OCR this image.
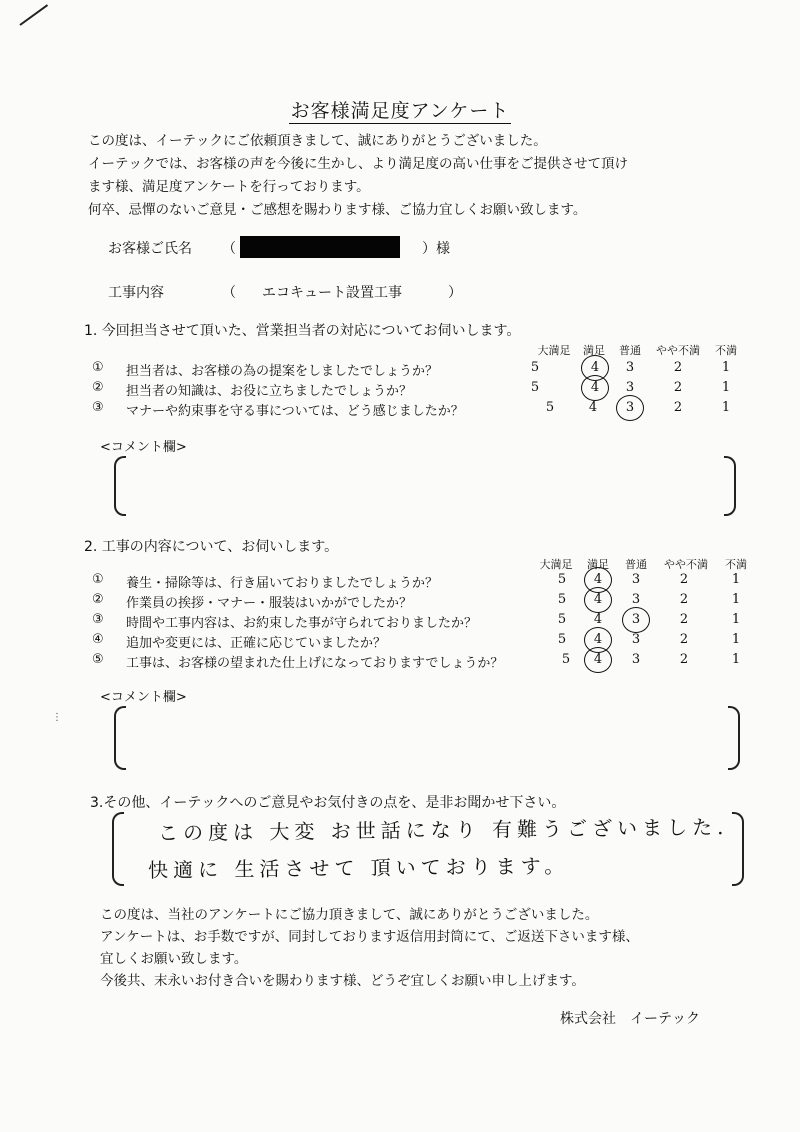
お客様満足度アンケート
この度は、イーテックにご依頼頂きまして、誠にありがとうございました。
イーテックでは、お客様の声を今後に生かし、より満足度の高い仕事をご提供させて頂け
ます様、満足度アンケートを行っております。
何卒、忌憚のないご意見・ご感想を賜わります様、ご協力宜しくお願い致します。
お客様ご氏名	（	）様
工事内容	（ エコキュート設置工事	）
1. 今回担当させて頂いた、営業担当者の対応についてお伺いします。
大満足 満足 普通 やや不満 不満
①	担当者は、お客様の為の提案をしましたでしょうか？	5	4	3	2	1
②	担当者の知識は、お役に立ちましたでしょうか？	5	4	3	2	1
③	マナーや約束事を守る事については、どう感じましたか？	5	4	3	2	1
<コメント欄>
2. 工事の内容について、お伺いします。
大満足 満足 普通 やや不満 不満
①	養生・掃除等は、行き届いておりましたでしょうか？	5	4	3	2	1
②	作業員の挨拶・マナー・服装はいかがでしたか？	5	4	3	2	1
③	時間や工事内容は、お約束した事が守られておりましたか？	5	4	3	2	1
④	追加や変更には、正確に応じていましたか？	5	4	3	2	1
⑤	工事は、お客様の望まれた仕上げになっておりますでしょうか？	5	4	3	2	1
<コメント欄>
⋮
3.その他、イーテックへのご意見やお気付きの点を、是非お聞かせ下さい。
この度は 大変 お世話になり 有難うございました.
快適に 生活させて 頂いております。
この度は、当社のアンケートにご協力頂きまして、誠にありがとうございました。
アンケートは、お手数ですが、同封しております返信用封筒にて、ご返送下さいます様、
宜しくお願い致します。
今後共、末永いお付き合いを賜わります様、どうぞ宜しくお願い申し上げます。
株式会社　イーテック
